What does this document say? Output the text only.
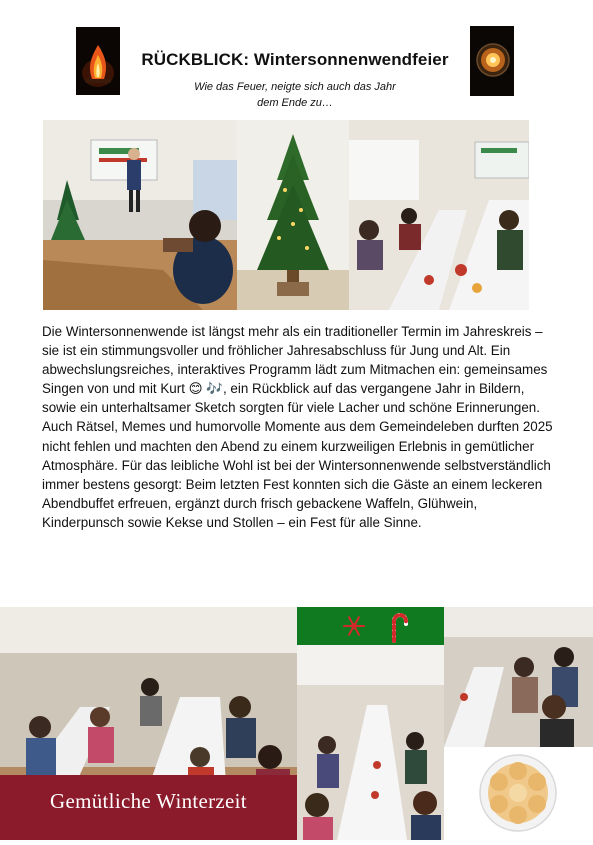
RÜCKBLICK: Wintersonnenwendfeier
Wie das Feuer, neigte sich auch das Jahr
dem Ende zu…
Die Wintersonnenwende ist längst mehr als ein traditioneller Termin im Jahreskreis – sie ist ein stimmungsvoller und fröhlicher Jahresabschluss für Jung und Alt. Ein abwechslungsreiches, interaktives Programm lädt zum Mitmachen ein: gemeinsames Singen von und mit Kurt 😊 🎶, ein Rückblick auf das vergangene Jahr in Bildern, sowie ein unterhaltsamer Sketch sorgten für viele Lacher und schöne Erinnerungen. Auch Rätsel, Memes und humorvolle Momente aus dem Gemeindeleben durften 2025 nicht fehlen und machten den Abend zu einem kurzweiligen Erlebnis in gemütlicher Atmosphäre. Für das leibliche Wohl ist bei der Wintersonnenwende selbstverständlich immer bestens gesorgt: Beim letzten Fest konnten sich die Gäste an einem leckeren Abendbuffet erfreuen, ergänzt durch frisch gebackene Waffeln, Glühwein, Kinderpunsch sowie Kekse und Stollen – ein Fest für alle Sinne.
Gemütliche Winterzeit
